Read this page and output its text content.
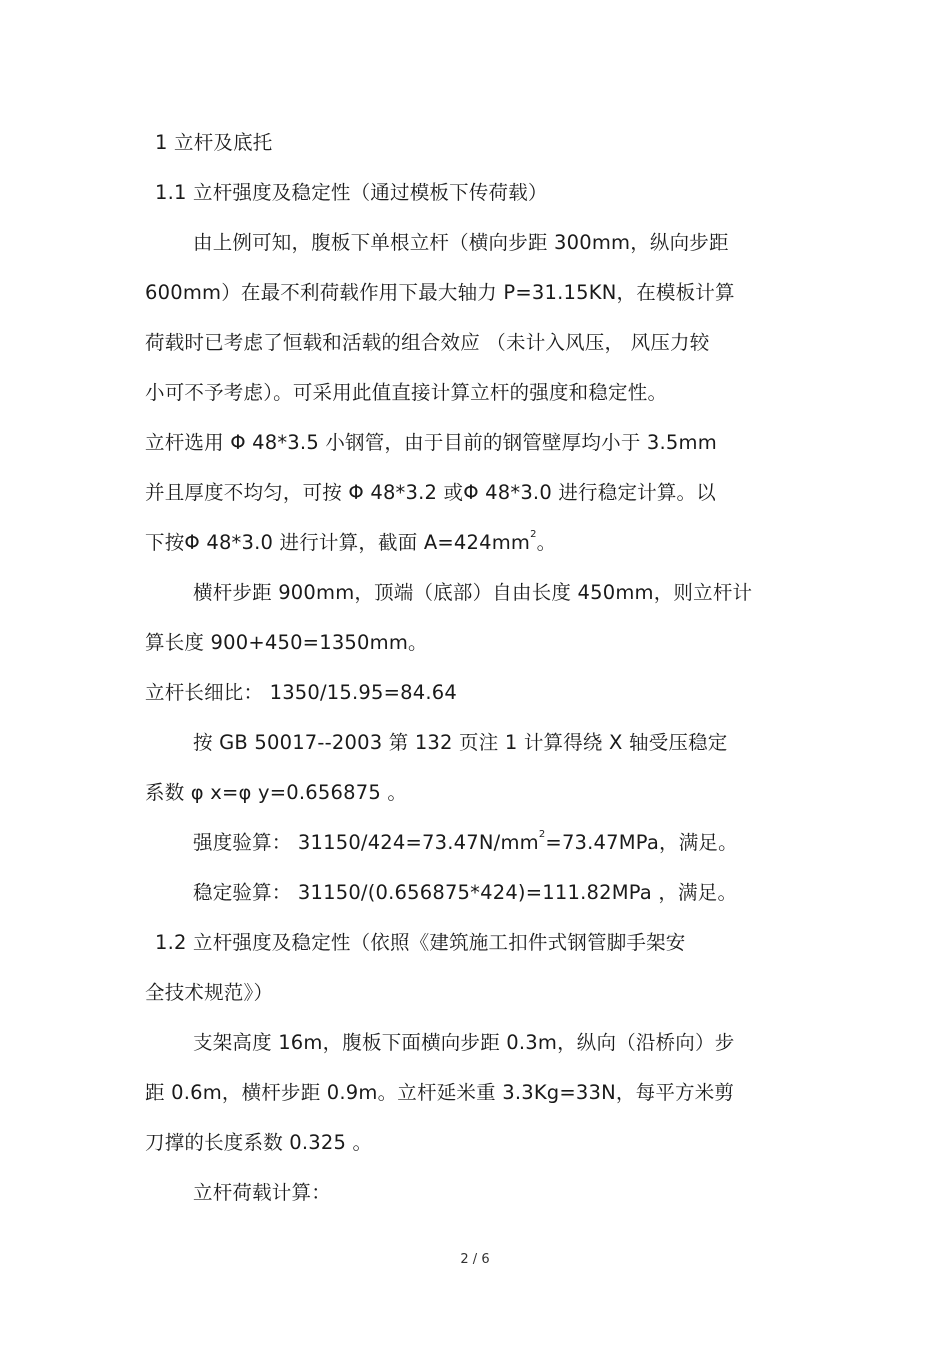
1 立杆及底托
1.1 立杆强度及稳定性（通过模板下传荷载）
由上例可知，腹板下单根立杆（横向步距 300mm，纵向步距
600mm）在最不利荷载作用下最大轴力 P=31.15KN，在模板计算
荷载时已考虑了恒载和活载的组合效应 （未计入风压， 风压力较
小可不予考虑）。可采用此值直接计算立杆的强度和稳定性。
立杆选用 Φ 48*3.5 小钢管，由于目前的钢管壁厚均小于 3.5mm
并且厚度不均匀，可按 Φ 48*3.2 或Φ 48*3.0 进行稳定计算。以
下按Φ 48*3.0 进行计算，截面 $A=424mm^2$。
横杆步距 900mm，顶端（底部）自由长度 450mm，则立杆计
算长度 900+450=1350mm。
立杆长细比： 1350/15.95=84.64
按 GB 50017--2003 第 132 页注 1 计算得绕 X 轴受压稳定
系数 φ x=φ y=0.656875 。
强度验算： $31150/424=73.47N/mm^2=73.47MPa$，满足。
稳定验算： 31150/(0.656875*424)=111.82MPa ，满足。
1.2 立杆强度及稳定性（依照《建筑施工扣件式钢管脚手架安
全技术规范》）
支架高度 16m，腹板下面横向步距 0.3m，纵向（沿桥向）步
距 0.6m，横杆步距 0.9m。立杆延米重 3.3Kg=33N，每平方米剪
刀撑的长度系数 0.325 。
立杆荷载计算：
2 / 6
